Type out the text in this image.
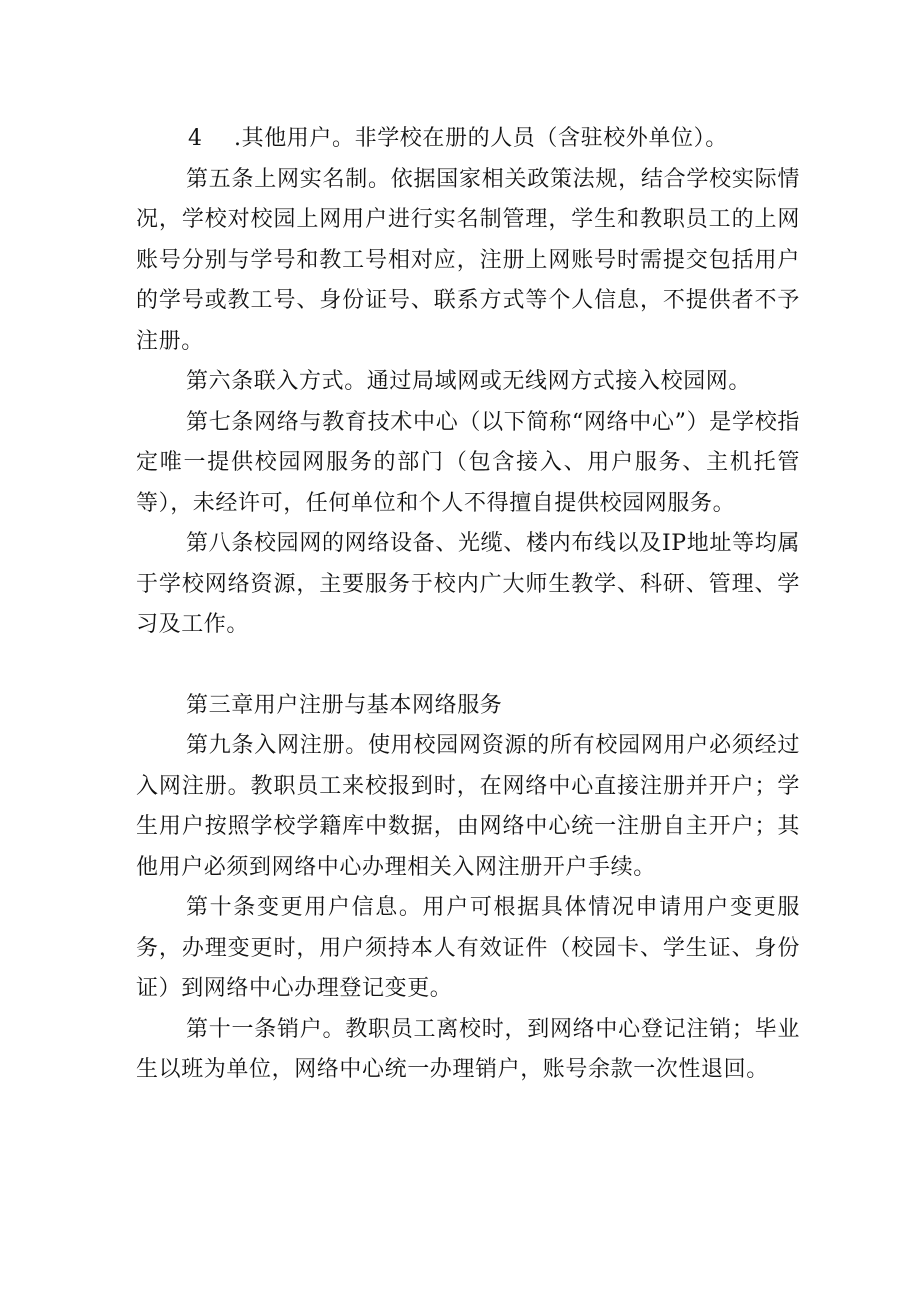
4 .其他用户。非学校在册的人员（含驻校外单位）。

第五条上网实名制。依据国家相关政策法规，结合学校实际情况，学校对校园上网用户进行实名制管理，学生和教职员工的上网账号分别与学号和教工号相对应，注册上网账号时需提交包括用户的学号或教工号、身份证号、联系方式等个人信息，不提供者不予注册。

第六条联入方式。通过局域网或无线网方式接入校园网。

第七条网络与教育技术中心（以下简称“网络中心”）是学校指定唯一提供校园网服务的部门（包含接入、用户服务、主机托管等），未经许可，任何单位和个人不得擅自提供校园网服务。

第八条校园网的网络设备、光缆、楼内布线以及IP地址等均属于学校网络资源，主要服务于校内广大师生教学、科研、管理、学习及工作。

第三章用户注册与基本网络服务

第九条入网注册。使用校园网资源的所有校园网用户必须经过入网注册。教职员工来校报到时，在网络中心直接注册并开户；学生用户按照学校学籍库中数据，由网络中心统一注册自主开户；其他用户必须到网络中心办理相关入网注册开户手续。

第十条变更用户信息。用户可根据具体情况申请用户变更服务，办理变更时，用户须持本人有效证件（校园卡、学生证、身份证）到网络中心办理登记变更。

第十一条销户。教职员工离校时，到网络中心登记注销；毕业生以班为单位，网络中心统一办理销户，账号余款一次性退回。
